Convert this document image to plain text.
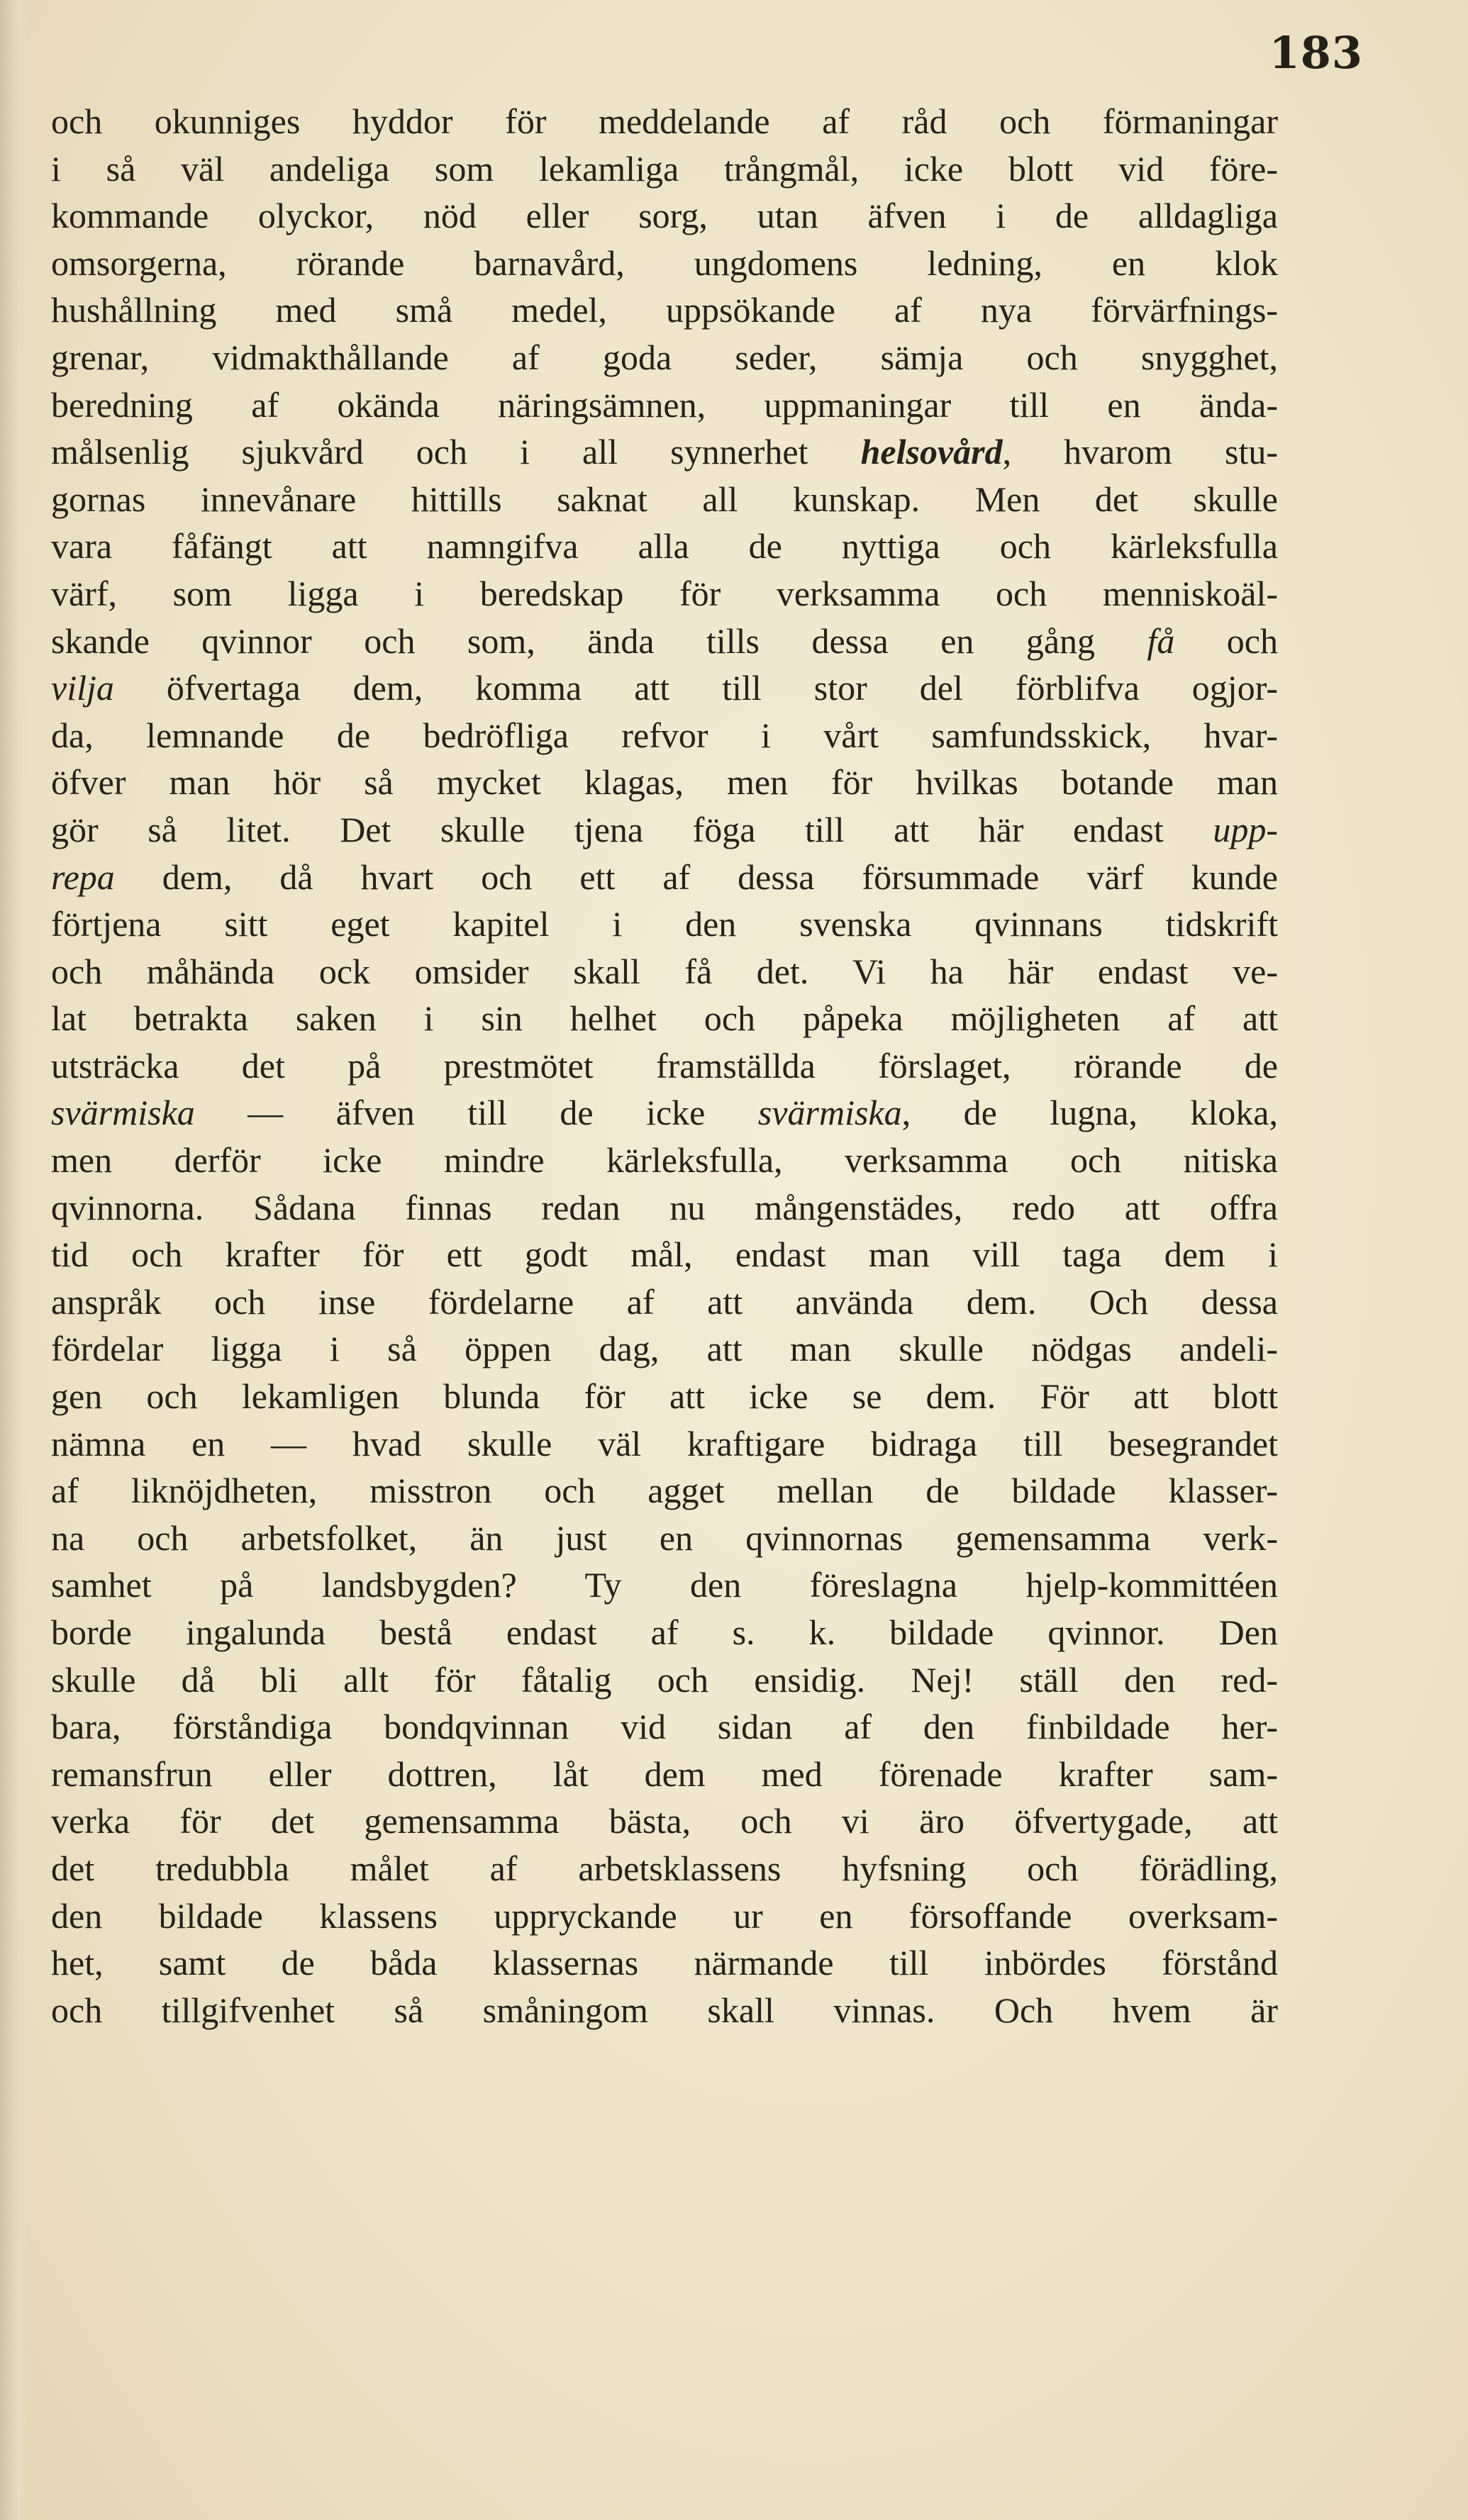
183
och okunniges hyddor för meddelande af råd och förmaningar
i så väl andeliga som lekamliga trångmål, icke blott vid före-
kommande olyckor, nöd eller sorg, utan äfven i de alldagliga
omsorgerna, rörande barnavård, ungdomens ledning, en klok
hushållning med små medel, uppsökande af nya förvärfnings-
grenar, vidmakthållande af goda seder, sämja och snygghet,
beredning af okända näringsämnen, uppmaningar till en ända-
målsenlig sjukvård och i all synnerhet helsovård, hvarom stu-
gornas innevånare hittills saknat all kunskap. Men det skulle
vara fåfängt att namngifva alla de nyttiga och kärleksfulla
värf, som ligga i beredskap för verksamma och menniskoäl-
skande qvinnor och som, ända tills dessa en gång få och
vilja öfvertaga dem, komma att till stor del förblifva ogjor-
da, lemnande de bedröfliga refvor i vårt samfundsskick, hvar-
öfver man hör så mycket klagas, men för hvilkas botande man
gör så litet. Det skulle tjena föga till att här endast upp-
repa dem, då hvart och ett af dessa försummade värf kunde
förtjena sitt eget kapitel i den svenska qvinnans tidskrift
och måhända ock omsider skall få det. Vi ha här endast ve-
lat betrakta saken i sin helhet och påpeka möjligheten af att
utsträcka det på prestmötet framställda förslaget, rörande de
svärmiska — äfven till de icke svärmiska, de lugna, kloka,
men derför icke mindre kärleksfulla, verksamma och nitiska
qvinnorna. Sådana finnas redan nu mångenstädes, redo att offra
tid och krafter för ett godt mål, endast man vill taga dem i
anspråk och inse fördelarne af att använda dem. Och dessa
fördelar ligga i så öppen dag, att man skulle nödgas andeli-
gen och lekamligen blunda för att icke se dem. För att blott
nämna en — hvad skulle väl kraftigare bidraga till besegrandet
af liknöjdheten, misstron och agget mellan de bildade klasser-
na och arbetsfolket, än just en qvinnornas gemensamma verk-
samhet på landsbygden? Ty den föreslagna hjelp-kommittéen
borde ingalunda bestå endast af s. k. bildade qvinnor. Den
skulle då bli allt för fåtalig och ensidig. Nej! ställ den red-
bara, förståndiga bondqvinnan vid sidan af den finbildade her-
remansfrun eller dottren, låt dem med förenade krafter sam-
verka för det gemensamma bästa, och vi äro öfvertygade, att
det tredubbla målet af arbetsklassens hyfsning och förädling,
den bildade klassens uppryckande ur en försoffande overksam-
het, samt de båda klassernas närmande till inbördes förstånd
och tillgifvenhet så småningom skall vinnas. Och hvem är
